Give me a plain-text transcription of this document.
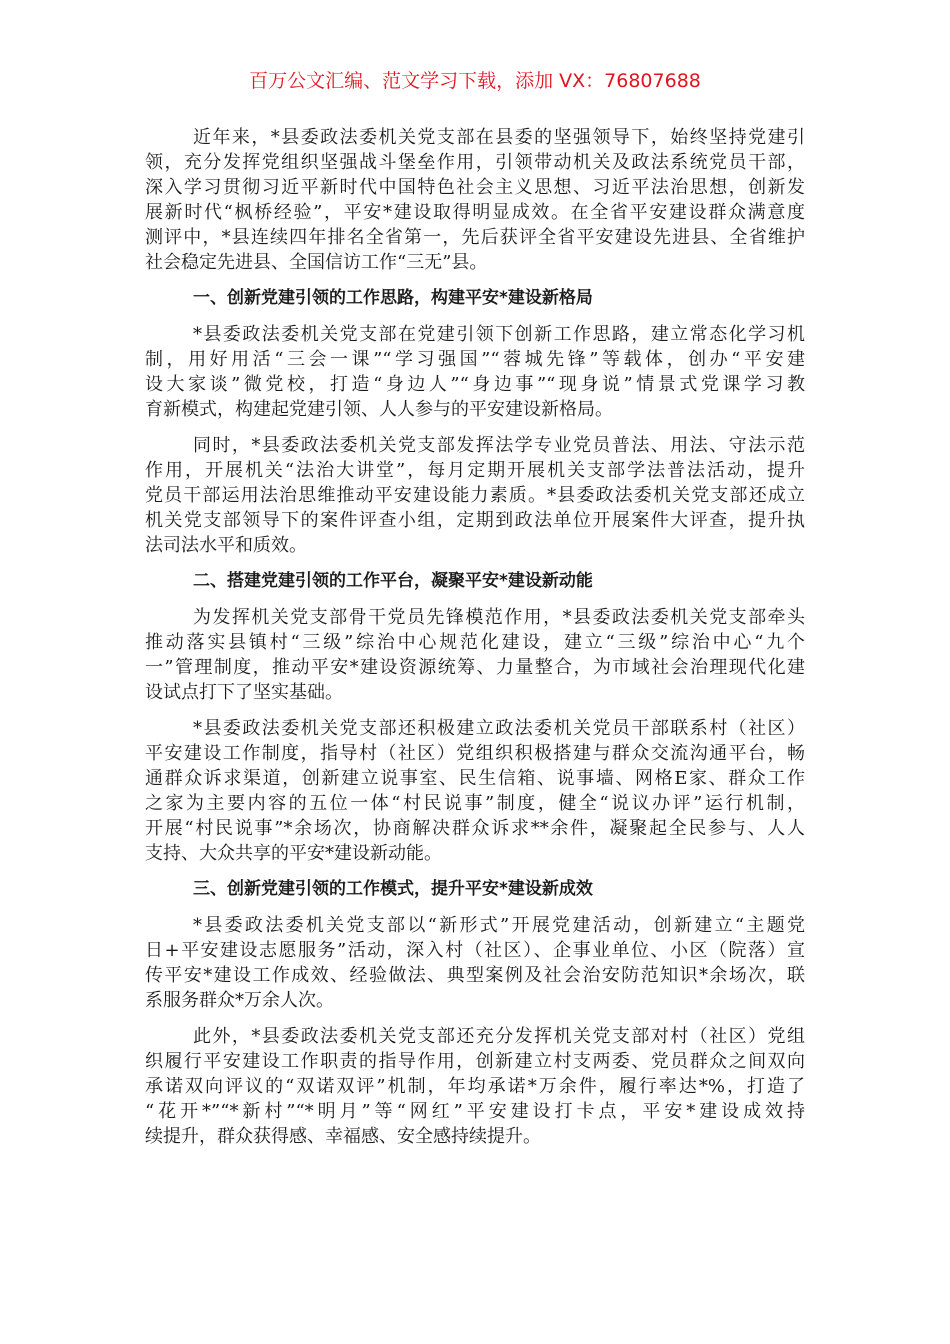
百万公文汇编、范文学习下载，添加 VX：76807688
近年来，*县委政法委机关党支部在县委的坚强领导下，始终坚持党建引
领，充分发挥党组织坚强战斗堡垒作用，引领带动机关及政法系统党员干部，
深入学习贯彻习近平新时代中国特色社会主义思想、习近平法治思想，创新发
展新时代“枫桥经验”，平安*建设取得明显成效。在全省平安建设群众满意度
测评中，*县连续四年排名全省第一，先后获评全省平安建设先进县、全省维护
社会稳定先进县、全国信访工作“三无”县。
一、创新党建引领的工作思路，构建平安*建设新格局
*县委政法委机关党支部在党建引领下创新工作思路，建立常态化学习机
制，用好用活“三会一课”“学习强国”“蓉城先锋”等载体，创办“平安建
设大家谈”微党校，打造“身边人”“身边事”“现身说”情景式党课学习教
育新模式，构建起党建引领、人人参与的平安建设新格局。
同时，*县委政法委机关党支部发挥法学专业党员普法、用法、守法示范
作用，开展机关“法治大讲堂”，每月定期开展机关支部学法普法活动，提升
党员干部运用法治思维推动平安建设能力素质。*县委政法委机关党支部还成立
机关党支部领导下的案件评查小组，定期到政法单位开展案件大评查，提升执
法司法水平和质效。
二、搭建党建引领的工作平台，凝聚平安*建设新动能
为发挥机关党支部骨干党员先锋模范作用，*县委政法委机关党支部牵头
推动落实县镇村“三级”综治中心规范化建设，建立“三级”综治中心“九个
一”管理制度，推动平安*建设资源统筹、力量整合，为市域社会治理现代化建
设试点打下了坚实基础。
*县委政法委机关党支部还积极建立政法委机关党员干部联系村（社区）
平安建设工作制度，指导村（社区）党组织积极搭建与群众交流沟通平台，畅
通群众诉求渠道，创新建立说事室、民生信箱、说事墙、网格E家、群众工作
之家为主要内容的五位一体“村民说事”制度，健全“说议办评”运行机制，
开展“村民说事”*余场次，协商解决群众诉求**余件，凝聚起全民参与、人人
支持、大众共享的平安*建设新动能。
三、创新党建引领的工作模式，提升平安*建设新成效
*县委政法委机关党支部以“新形式”开展党建活动，创新建立“主题党
日+平安建设志愿服务”活动，深入村（社区）、企事业单位、小区（院落）宣
传平安*建设工作成效、经验做法、典型案例及社会治安防范知识*余场次，联
系服务群众*万余人次。
此外，*县委政法委机关党支部还充分发挥机关党支部对村（社区）党组
织履行平安建设工作职责的指导作用，创新建立村支两委、党员群众之间双向
承诺双向评议的“双诺双评”机制，年均承诺*万余件，履行率达*%，打造了
“花开*”“*新村”“*明月”等“网红”平安建设打卡点，平安*建设成效持
续提升，群众获得感、幸福感、安全感持续提升。
